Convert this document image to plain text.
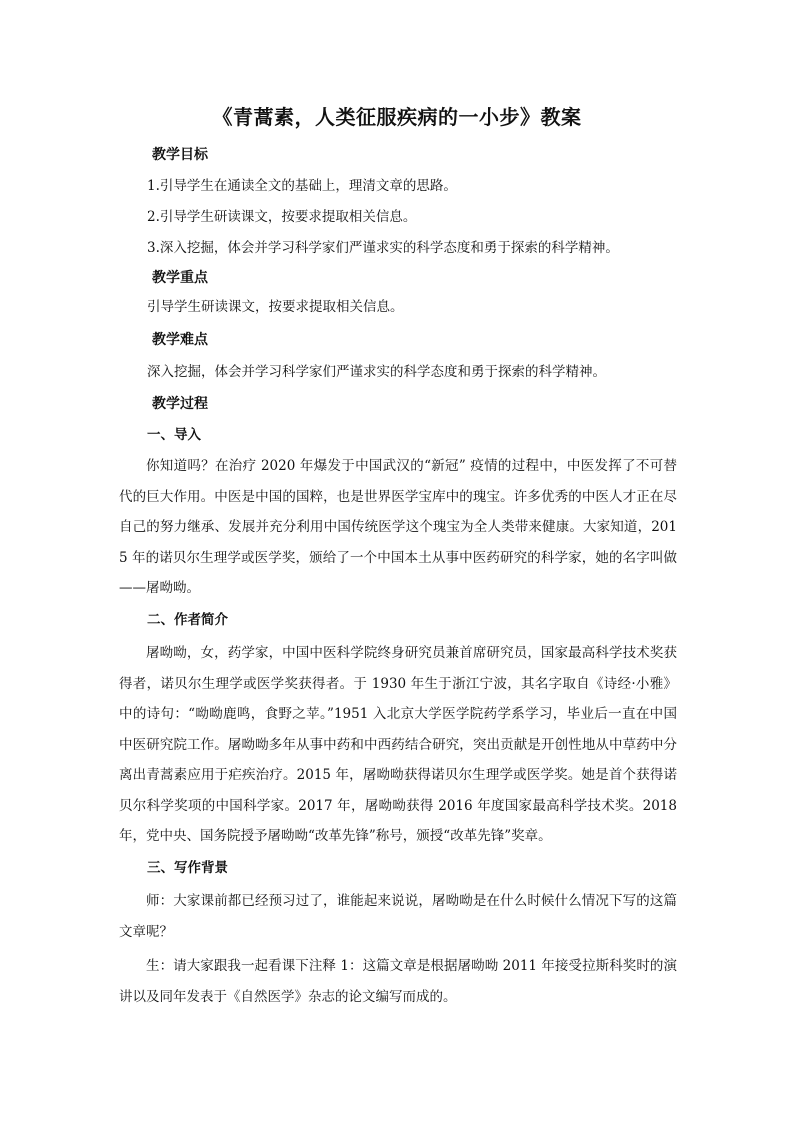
《青蒿素，人类征服疾病的一小步》教案
教学目标
1.引导学生在通读全文的基础上，理清文章的思路。
2.引导学生研读课文，按要求提取相关信息。
3.深入挖掘，体会并学习科学家们严谨求实的科学态度和勇于探索的科学精神。
教学重点
引导学生研读课文，按要求提取相关信息。
教学难点
深入挖掘，体会并学习科学家们严谨求实的科学态度和勇于探索的科学精神。
教学过程
一、导入
你知道吗？在治疗 2020 年爆发于中国武汉的“新冠” 疫情的过程中，中医发挥了不可替代的巨大作用。中医是中国的国粹，也是世界医学宝库中的瑰宝。许多优秀的中医人才正在尽自己的努力继承、发展并充分利用中国传统医学这个瑰宝为全人类带来健康。大家知道，2015 年的诺贝尔生理学或医学奖，颁给了一个中国本土从事中医药研究的科学家，她的名字叫做——屠呦呦。
二、作者简介
屠呦呦，女，药学家，中国中医科学院终身研究员兼首席研究员，国家最高科学技术奖获得者，诺贝尔生理学或医学奖获得者。于 1930 年生于浙江宁波，其名字取自《诗经·小雅》中的诗句：“呦呦鹿鸣，食野之苹。”1951 入北京大学医学院药学系学习，毕业后一直在中国中医研究院工作。屠呦呦多年从事中药和中西药结合研究，突出贡献是开创性地从中草药中分离出青蒿素应用于疟疾治疗。2015 年，屠呦呦获得诺贝尔生理学或医学奖。她是首个获得诺贝尔科学奖项的中国科学家。2017 年，屠呦呦获得 2016 年度国家最高科学技术奖。2018 年，党中央、国务院授予屠呦呦“改革先锋”称号，颁授“改革先锋”奖章。
三、写作背景
师：大家课前都已经预习过了，谁能起来说说，屠呦呦是在什么时候什么情况下写的这篇文章呢？
生：请大家跟我一起看课下注释 1：这篇文章是根据屠呦呦 2011 年接受拉斯科奖时的演讲以及同年发表于《自然医学》杂志的论文编写而成的。
